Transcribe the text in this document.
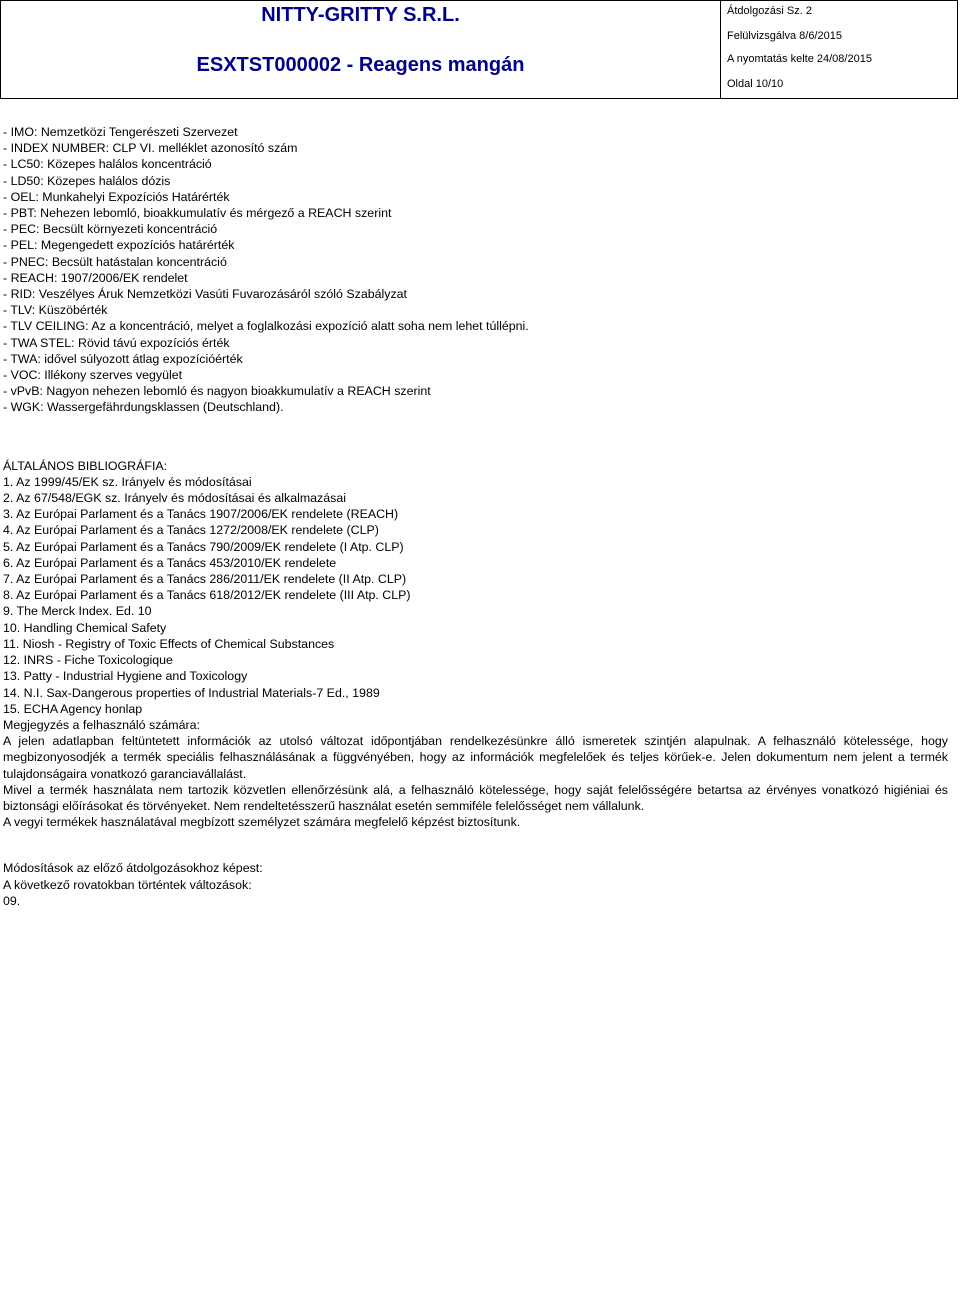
NITTY-GRITTY S.R.L.
ESXTST000002 - Reagens mangán
Átdolgozási Sz. 2
Felülvizsgálva 8/6/2015
A nyomtatás kelte 24/08/2015
Oldal 10/10
- IMO: Nemzetközi Tengerészeti Szervezet
- INDEX NUMBER: CLP VI. melléklet azonosító szám
- LC50: Közepes halálos koncentráció
- LD50: Közepes halálos dózis
- OEL: Munkahelyi Expozíciós Határérték
- PBT: Nehezen lebomló, bioakkumulatív és mérgező a REACH szerint
- PEC: Becsült környezeti koncentráció
- PEL: Megengedett expozíciós határérték
- PNEC: Becsült hatástalan koncentráció
- REACH: 1907/2006/EK rendelet
- RID: Veszélyes Áruk Nemzetközi Vasúti Fuvarozásáról szóló Szabályzat
- TLV: Küszöbérték
- TLV CEILING: Az a koncentráció, melyet a foglalkozási expozíció alatt soha nem lehet túllépni.
- TWA STEL: Rövid távú expozíciós érték
- TWA: idővel súlyozott átlag expozícióérték
- VOC: Illékony szerves vegyület
- vPvB: Nagyon nehezen lebomló és nagyon bioakkumulatív a REACH szerint
- WGK: Wassergefährdungsklassen (Deutschland).
ÁLTALÁNOS BIBLIOGRÁFIA:
1. Az 1999/45/EK sz. Irányelv és módosításai
2. Az 67/548/EGK sz. Irányelv és módosításai és alkalmazásai
3. Az Európai Parlament és a Tanács 1907/2006/EK rendelete (REACH)
4. Az Európai Parlament és a Tanács 1272/2008/EK rendelete (CLP)
5. Az Európai Parlament és a Tanács 790/2009/EK rendelete (I Atp. CLP)
6. Az Európai Parlament és a Tanács 453/2010/EK rendelete
7. Az Európai Parlament és a Tanács 286/2011/EK rendelete (II Atp. CLP)
8. Az Európai Parlament és a Tanács 618/2012/EK rendelete (III Atp. CLP)
9. The Merck Index. Ed. 10
10. Handling Chemical Safety
11. Niosh - Registry of Toxic Effects of Chemical Substances
12. INRS - Fiche Toxicologique
13. Patty - Industrial Hygiene and Toxicology
14. N.I. Sax-Dangerous properties of Industrial Materials-7 Ed., 1989
15. ECHA Agency honlap
Megjegyzés a felhasználó számára:
A jelen adatlapban feltüntetett információk az utolsó változat időpontjában rendelkezésünkre álló ismeretek szintjén alapulnak. A felhasználó kötelessége, hogy megbizonyosodjék a termék speciális felhasználásának a függvényében, hogy az információk megfelelőek és teljes körűek-e. Jelen dokumentum nem jelent a termék tulajdonságaira vonatkozó garanciavállalást.
Mivel a termék használata nem tartozik közvetlen ellenőrzésünk alá, a felhasználó kötelessége, hogy saját felelősségére betartsa az érvényes vonatkozó higiéniai és biztonsági előírásokat és törvényeket. Nem rendeltetésszerű használat esetén semmiféle felelősséget nem vállalunk.
A vegyi termékek használatával megbízott személyzet számára megfelelő képzést biztosítunk.
Módosítások az előző átdolgozásokhoz képest:
A következő rovatokban történtek változások:
09.
